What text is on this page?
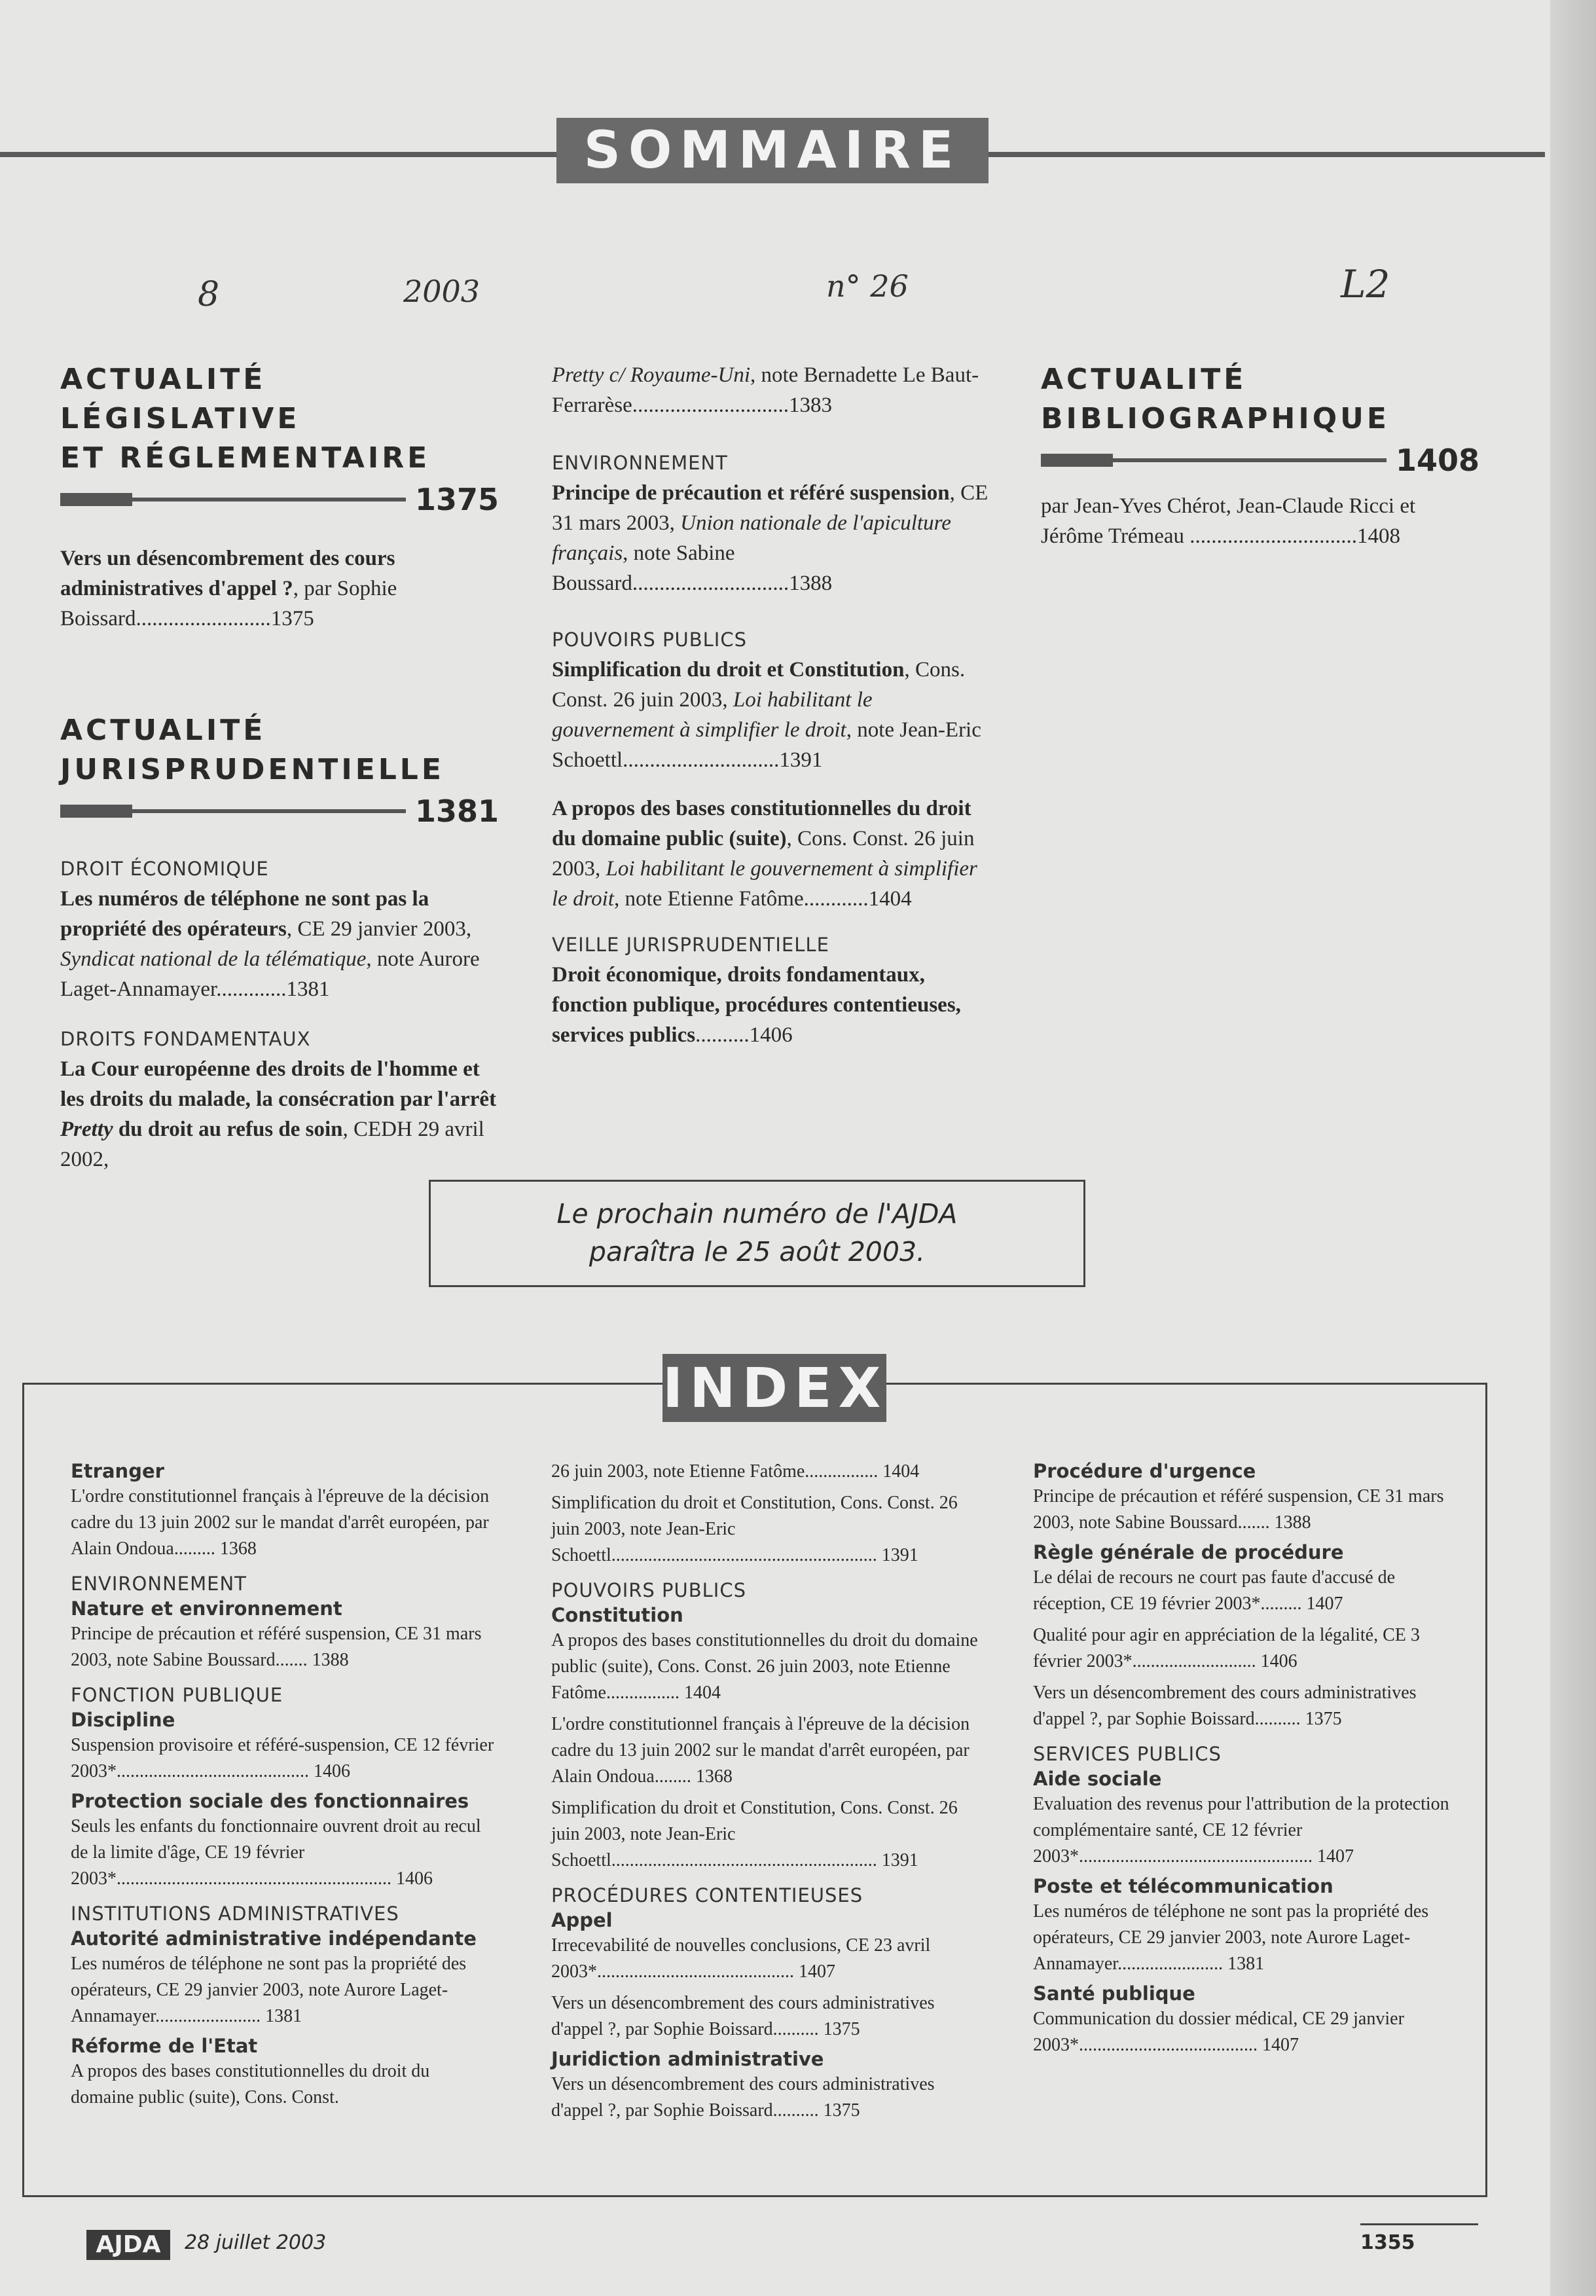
SOMMAIRE
8	2003	n° 26	L2
ACTUALITÉ LÉGISLATIVE
ET RÉGLEMENTAIRE
1375

Vers un désencombrement des cours administratives d'appel ?, par Sophie Boissard.........................1375

ACTUALITÉ
JURISPRUDENTIELLE
1381

DROIT ÉCONOMIQUE

Les numéros de téléphone ne sont pas la propriété des opérateurs, CE 29 janvier 2003, Syndicat national de la télématique, note Aurore Laget-Annamayer.............1381

DROITS FONDAMENTAUX

La Cour européenne des droits de l'homme et les droits du malade, la consécration par l'arrêt Pretty du droit au refus de soin, CEDH 29 avril 2002,

Pretty c/ Royaume-Uni, note Bernadette Le Baut-Ferrarèse.............................1383

ENVIRONNEMENT

Principe de précaution et référé suspension, CE 31 mars 2003, Union nationale de l'apiculture français, note Sabine Boussard.............................1388

POUVOIRS PUBLICS

Simplification du droit et Constitution, Cons. Const. 26 juin 2003, Loi habilitant le gouvernement à simplifier le droit, note Jean-Eric Schoettl.............................1391

A propos des bases constitutionnelles du droit du domaine public (suite), Cons. Const. 26 juin 2003, Loi habilitant le gouvernement à simplifier le droit, note Etienne Fatôme............1404

VEILLE JURISPRUDENTIELLE

Droit économique, droits fondamentaux, fonction publique, procédures contentieuses, services publics..........1406

ACTUALITÉ
BIBLIOGRAPHIQUE
1408

par Jean-Yves Chérot, Jean-Claude Ricci et Jérôme Trémeau ...............................1408

Le prochain numéro de l'AJDA
paraîtra le 25 août 2003.
INDEX

Etranger

L'ordre constitutionnel français à l'épreuve de la décision cadre du 13 juin 2002 sur le mandat d'arrêt européen, par Alain Ondoua......... 1368

ENVIRONNEMENT

Nature et environnement

Principe de précaution et référé suspension, CE 31 mars 2003, note Sabine Boussard....... 1388

FONCTION PUBLIQUE

Discipline

Suspension provisoire et référé-suspension, CE 12 février 2003*.......................................... 1406

Protection sociale des fonctionnaires

Seuls les enfants du fonctionnaire ouvrent droit au recul de la limite d'âge, CE 19 février 2003*............................................................ 1406

INSTITUTIONS ADMINISTRATIVES

Autorité administrative indépendante

Les numéros de téléphone ne sont pas la propriété des opérateurs, CE 29 janvier 2003, note Aurore Laget-Annamayer....................... 1381

Réforme de l'Etat

A propos des bases constitutionnelles du droit du domaine public (suite), Cons. Const.

26 juin 2003, note Etienne Fatôme................ 1404

Simplification du droit et Constitution, Cons. Const. 26 juin 2003, note Jean-Eric Schoettl.......................................................... 1391

POUVOIRS PUBLICS

Constitution

A propos des bases constitutionnelles du droit du domaine public (suite), Cons. Const. 26 juin 2003, note Etienne Fatôme................ 1404

L'ordre constitutionnel français à l'épreuve de la décision cadre du 13 juin 2002 sur le mandat d'arrêt européen, par Alain Ondoua........ 1368

Simplification du droit et Constitution, Cons. Const. 26 juin 2003, note Jean-Eric Schoettl.......................................................... 1391

PROCÉDURES CONTENTIEUSES

Appel

Irrecevabilité de nouvelles conclusions, CE 23 avril 2003*........................................... 1407

Vers un désencombrement des cours administratives d'appel ?, par Sophie Boissard.......... 1375

Juridiction administrative

Vers un désencombrement des cours administratives d'appel ?, par Sophie Boissard.......... 1375

Procédure d'urgence

Principe de précaution et référé suspension, CE 31 mars 2003, note Sabine Boussard....... 1388

Règle générale de procédure

Le délai de recours ne court pas faute d'accusé de réception, CE 19 février 2003*......... 1407

Qualité pour agir en appréciation de la légalité, CE 3 février 2003*........................... 1406

Vers un désencombrement des cours administratives d'appel ?, par Sophie Boissard.......... 1375

SERVICES PUBLICS

Aide sociale

Evaluation des revenus pour l'attribution de la protection complémentaire santé, CE 12 février 2003*................................................... 1407

Poste et télécommunication

Les numéros de téléphone ne sont pas la propriété des opérateurs, CE 29 janvier 2003, note Aurore Laget-Annamayer....................... 1381

Santé publique

Communication du dossier médical, CE 29 janvier 2003*....................................... 1407

AJDA	28 juillet 2003	1355
